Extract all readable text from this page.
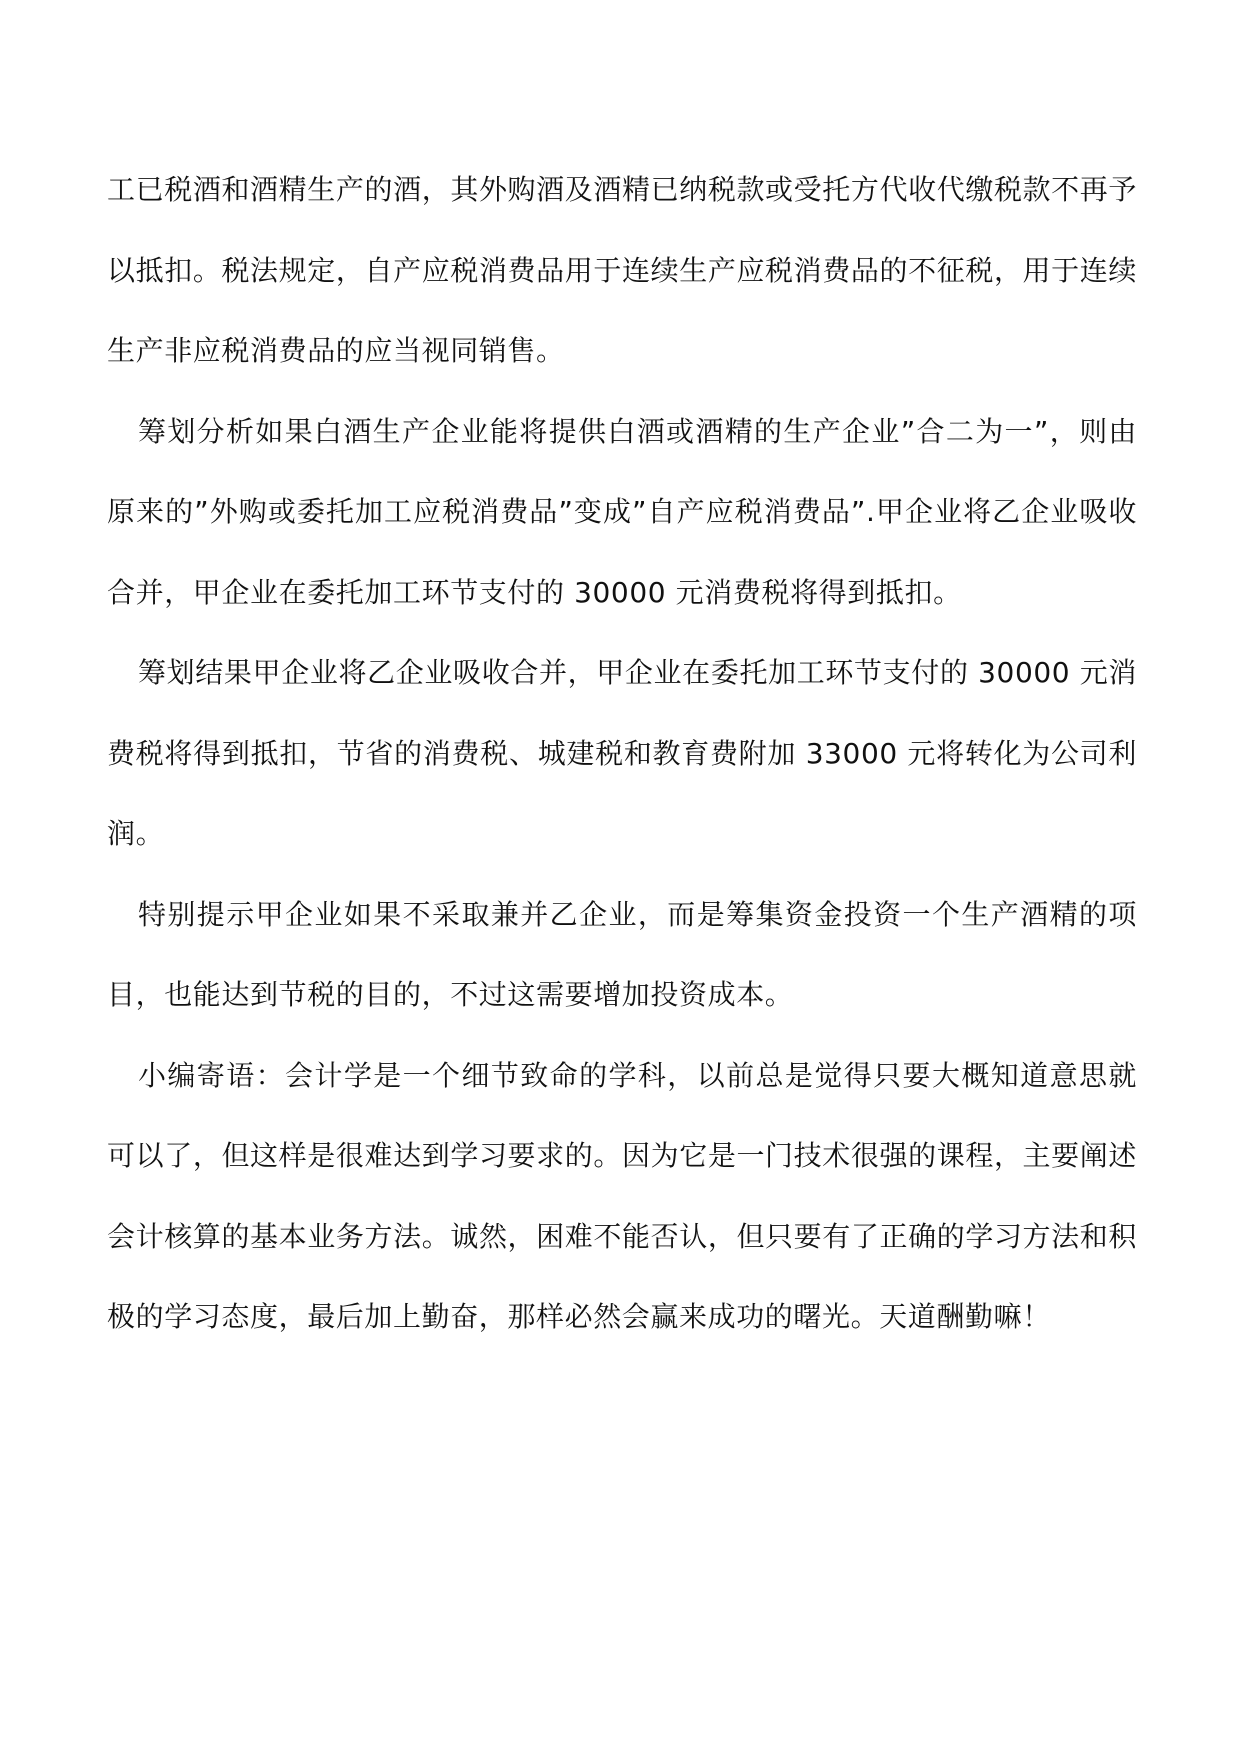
工已税酒和酒精生产的酒，其外购酒及酒精已纳税款或受托方代收代缴税款不再予以抵扣。税法规定，自产应税消费品用于连续生产应税消费品的不征税，用于连续生产非应税消费品的应当视同销售。

筹划分析如果白酒生产企业能将提供白酒或酒精的生产企业”合二为一”，则由原来的”外购或委托加工应税消费品”变成”自产应税消费品”.甲企业将乙企业吸收合并，甲企业在委托加工环节支付的 30000 元消费税将得到抵扣。

筹划结果甲企业将乙企业吸收合并，甲企业在委托加工环节支付的 30000 元消费税将得到抵扣，节省的消费税、城建税和教育费附加 33000 元将转化为公司利润。

特别提示甲企业如果不采取兼并乙企业，而是筹集资金投资一个生产酒精的项目，也能达到节税的目的，不过这需要增加投资成本。

小编寄语：会计学是一个细节致命的学科，以前总是觉得只要大概知道意思就可以了，但这样是很难达到学习要求的。因为它是一门技术很强的课程，主要阐述会计核算的基本业务方法。诚然，困难不能否认，但只要有了正确的学习方法和积极的学习态度，最后加上勤奋，那样必然会赢来成功的曙光。天道酬勤嘛！
